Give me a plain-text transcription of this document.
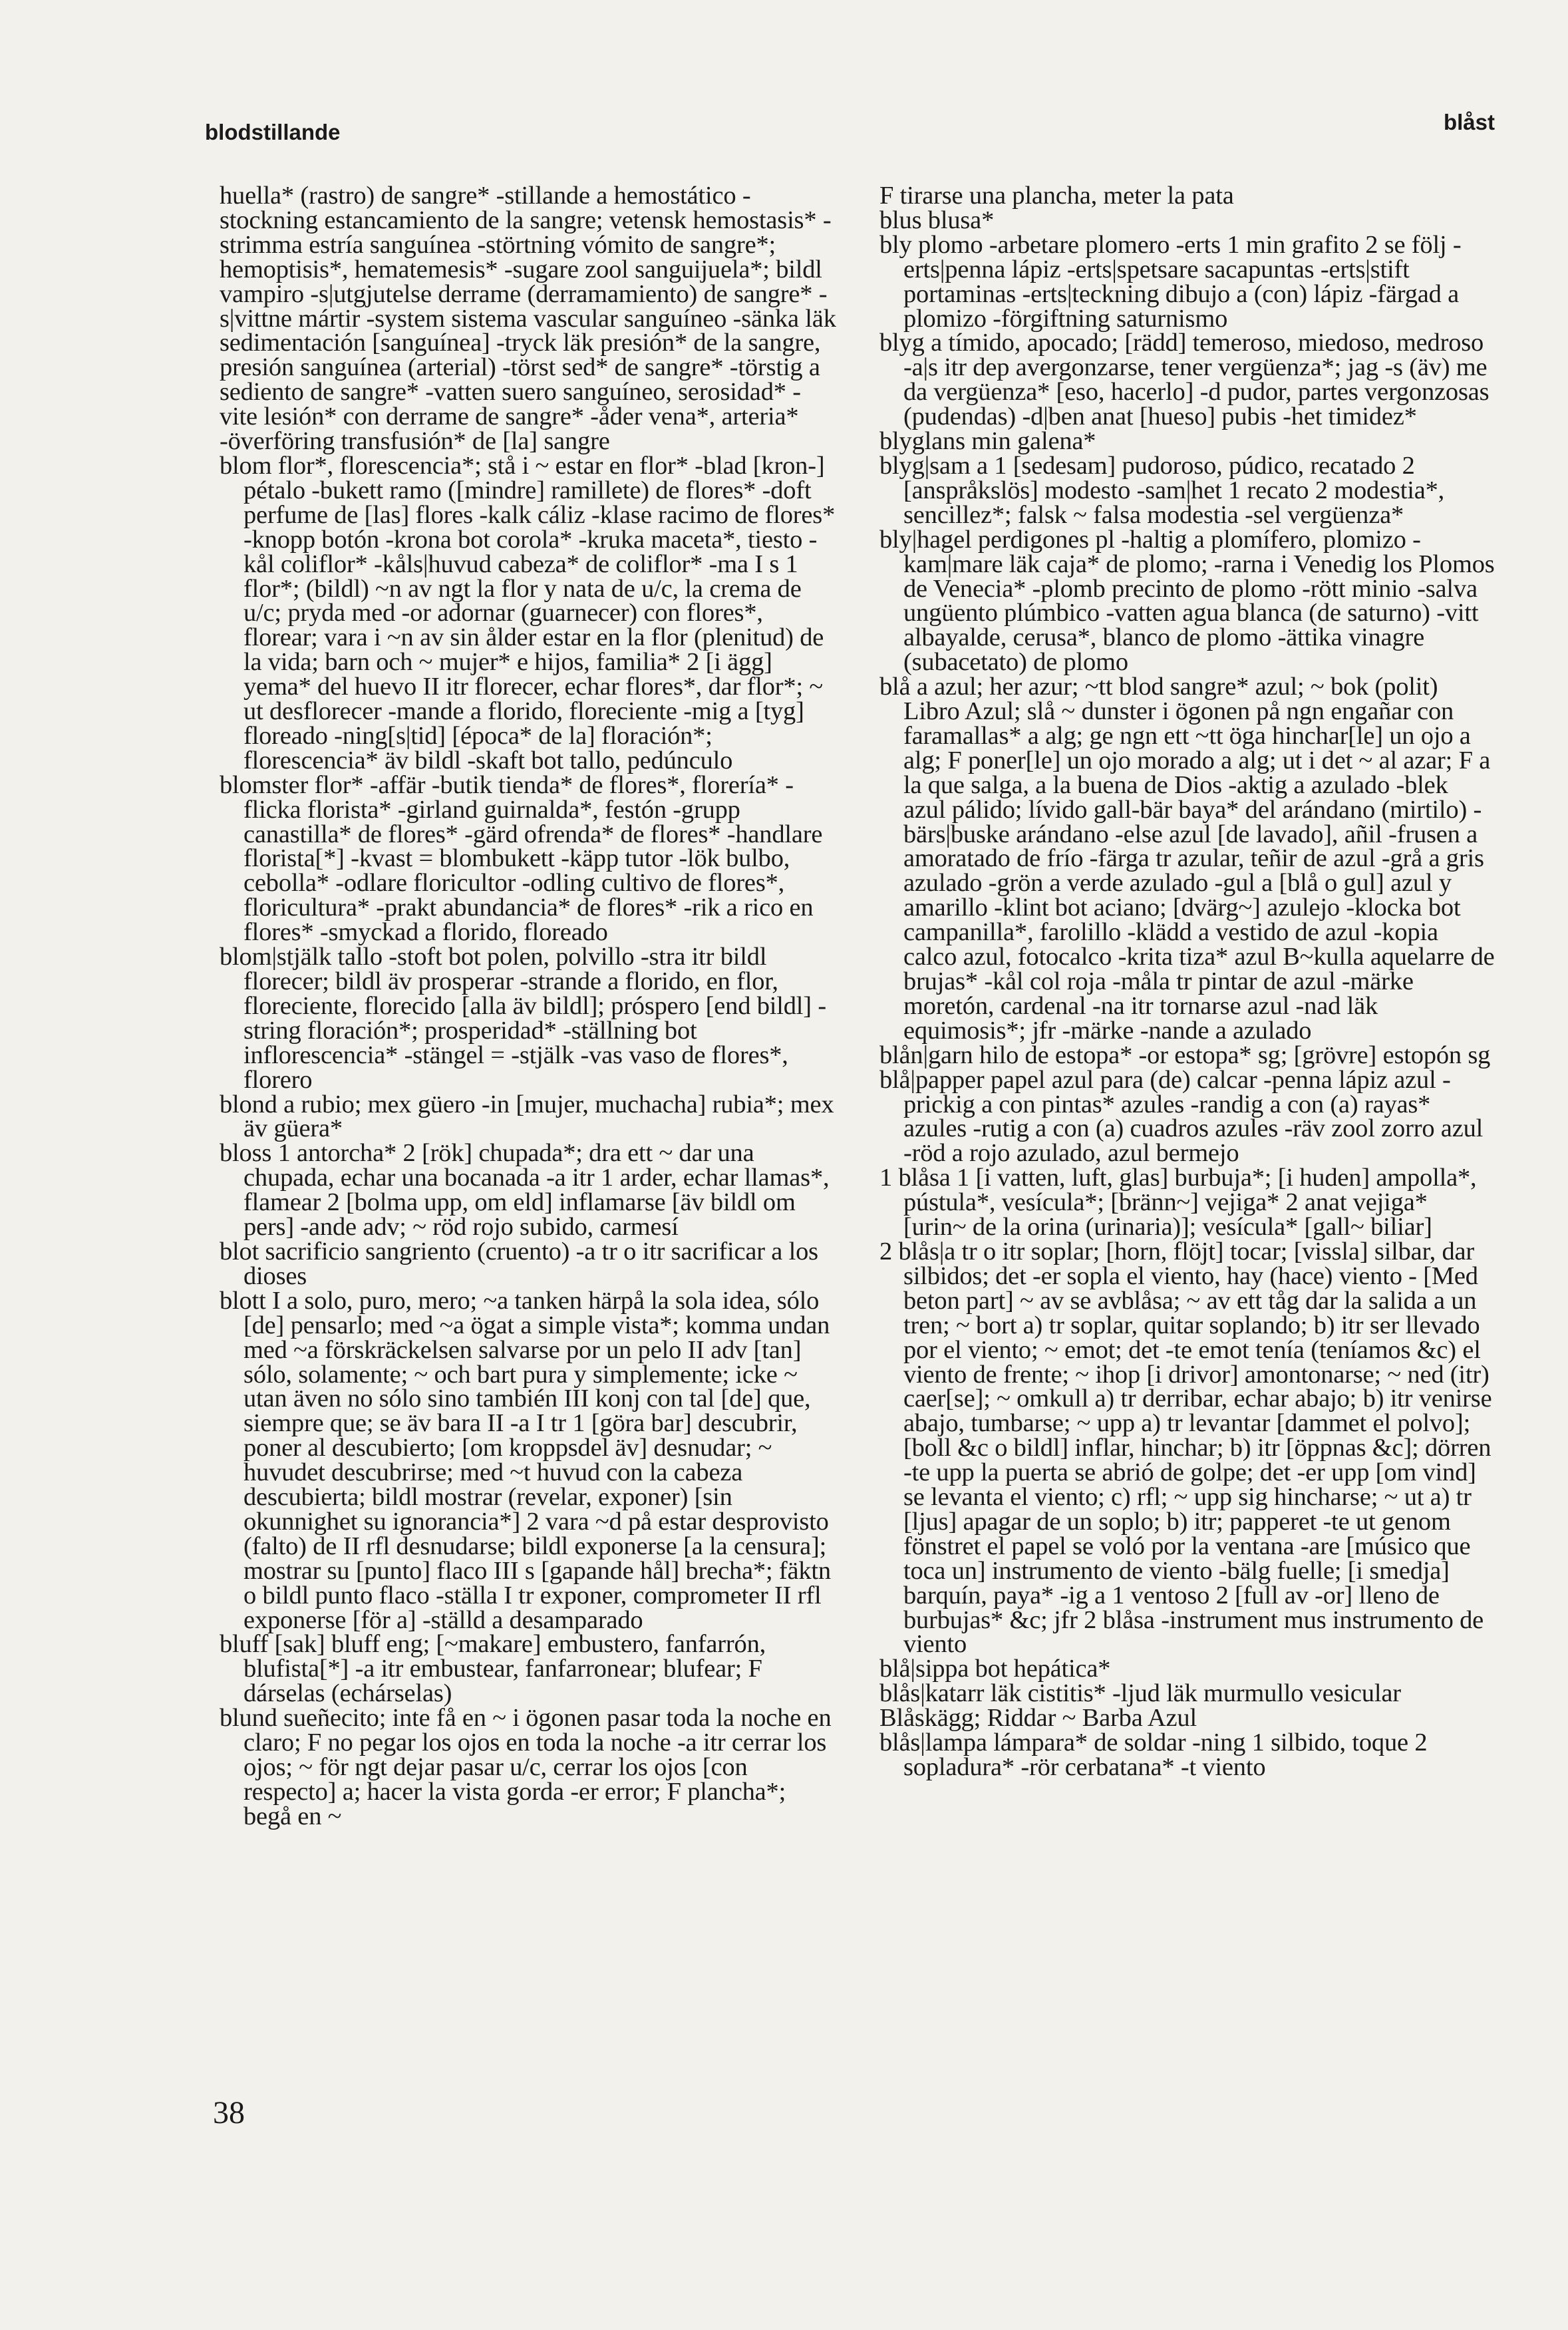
blodstillande	blåst

huella* (rastro) de sangre* -stillande a hemostático -stockning estancamiento de la sangre; vetensk hemostasis* -strimma estría sanguínea -störtning vómito de sangre*; hemoptisis*, hematemesis* -sugare zool sanguijuela*; bildl vampiro -s|utgjutelse derrame (derramamiento) de sangre* -s|vittne mártir -system sistema vascular sanguíneo -sänka läk sedimentación [sanguínea] -tryck läk presión* de la sangre, presión sanguínea (arterial) -törst sed* de sangre* -törstig a sediento de sangre* -vatten suero sanguíneo, serosidad* -vite lesión* con derrame de sangre* -åder vena*, arteria* -överföring transfusión* de [la] sangre

blom flor*, florescencia*; stå i ~ estar en flor* -blad [kron-] pétalo -bukett ramo ([mindre] ramillete) de flores* -doft perfume de [las] flores -kalk cáliz -klase racimo de flores* -knopp botón -krona bot corola* -kruka maceta*, tiesto -kål coliflor* -kåls|huvud cabeza* de coliflor* -ma I s 1 flor*; (bildl) ~n av ngt la flor y nata de u/c, la crema de u/c; pryda med -or adornar (guarnecer) con flores*, florear; vara i ~n av sin ålder estar en la flor (plenitud) de la vida; barn och ~ mujer* e hijos, familia* 2 [i ägg] yema* del huevo II itr florecer, echar flores*, dar flor*; ~ ut desflorecer -mande a florido, floreciente -mig a [tyg] floreado -ning[s|tid] [época* de la] floración*; florescencia* äv bildl -skaft bot tallo, pedúnculo

blomster flor* -affär -butik tienda* de flores*, florería* -flicka florista* -girland guirnalda*, festón -grupp canastilla* de flores* -gärd ofrenda* de flores* -handlare florista[*] -kvast = blombukett -käpp tutor -lök bulbo, cebolla* -odlare floricultor -odling cultivo de flores*, floricultura* -prakt abundancia* de flores* -rik a rico en flores* -smyckad a florido, floreado

blom|stjälk tallo -stoft bot polen, polvillo -stra itr bildl florecer; bildl äv prosperar -strande a florido, en flor, floreciente, florecido [alla äv bildl]; próspero [end bildl] -string floración*; prosperidad* -ställning bot inflorescencia* -stängel = -stjälk -vas vaso de flores*, florero

blond a rubio; mex güero -in [mujer, muchacha] rubia*; mex äv güera*

bloss 1 antorcha* 2 [rök] chupada*; dra ett ~ dar una chupada, echar una bocanada -a itr 1 arder, echar llamas*, flamear 2 [bolma upp, om eld] inflamarse [äv bildl om pers] -ande adv; ~ röd rojo subido, carmesí

blot sacrificio sangriento (cruento) -a tr o itr sacrificar a los dioses

blott I a solo, puro, mero; ~a tanken härpå la sola idea, sólo [de] pensarlo; med ~a ögat a simple vista*; komma undan med ~a förskräckelsen salvarse por un pelo II adv [tan] sólo, solamente; ~ och bart pura y simplemente; icke ~ utan även no sólo sino también III konj con tal [de] que, siempre que; se äv bara II -a I tr 1 [göra bar] descubrir, poner al descubierto; [om kroppsdel äv] desnudar; ~ huvudet descubrirse; med ~t huvud con la cabeza descubierta; bildl mostrar (revelar, exponer) [sin okunnighet su ignorancia*] 2 vara ~d på estar desprovisto (falto) de II rfl desnudarse; bildl exponerse [a la censura]; mostrar su [punto] flaco III s [gapande hål] brecha*; fäktn o bildl punto flaco -ställa I tr exponer, comprometer II rfl exponerse [för a] -ställd a desamparado

bluff [sak] bluff eng; [~makare] embustero, fanfarrón, blufista[*] -a itr embustear, fanfarronear; blufear; F dárselas (echárselas)

blund sueñecito; inte få en ~ i ögonen pasar toda la noche en claro; F no pegar los ojos en toda la noche -a itr cerrar los ojos; ~ för ngt dejar pasar u/c, cerrar los ojos [con respecto] a; hacer la vista gorda -er error; F plancha*; begå en ~

F tirarse una plancha, meter la pata

blus blusa*

bly plomo -arbetare plomero -erts 1 min grafito 2 se följ -erts|penna lápiz -erts|spetsare sacapuntas -erts|stift portaminas -erts|teckning dibujo a (con) lápiz -färgad a plomizo -förgiftning saturnismo

blyg a tímido, apocado; [rädd] temeroso, miedoso, medroso -a|s itr dep avergonzarse, tener vergüenza*; jag -s (äv) me da vergüenza* [eso, hacerlo] -d pudor, partes vergonzosas (pudendas) -d|ben anat [hueso] pubis -het timidez*

blyglans min galena*

blyg|sam a 1 [sedesam] pudoroso, púdico, recatado 2 [anspråkslös] modesto -sam|het 1 recato 2 modestia*, sencillez*; falsk ~ falsa modestia -sel vergüenza*

bly|hagel perdigones pl -haltig a plomífero, plomizo -kam|mare läk caja* de plomo; -rarna i Venedig los Plomos de Venecia* -plomb precinto de plomo -rött minio -salva ungüento plúmbico -vatten agua blanca (de saturno) -vitt albayalde, cerusa*, blanco de plomo -ättika vinagre (subacetato) de plomo

blå a azul; her azur; ~tt blod sangre* azul; ~ bok (polit) Libro Azul; slå ~ dunster i ögonen på ngn engañar con faramallas* a alg; ge ngn ett ~tt öga hinchar[le] un ojo a alg; F poner[le] un ojo morado a alg; ut i det ~ al azar; F a la que salga, a la buena de Dios -aktig a azulado -blek azul pálido; lívido gall-bär baya* del arándano (mirtilo) -bärs|buske arándano -else azul [de lavado], añil -frusen a amoratado de frío -färga tr azular, teñir de azul -grå a gris azulado -grön a verde azulado -gul a [blå o gul] azul y amarillo -klint bot aciano; [dvärg~] azulejo -klocka bot campanilla*, farolillo -klädd a vestido de azul -kopia calco azul, fotocalco -krita tiza* azul B~kulla aquelarre de brujas* -kål col roja -måla tr pintar de azul -märke moretón, cardenal -na itr tornarse azul -nad läk equimosis*; jfr -märke -nande a azulado

blån|garn hilo de estopa* -or estopa* sg; [grövre] estopón sg

blå|papper papel azul para (de) calcar -penna lápiz azul -prickig a con pintas* azules -randig a con (a) rayas* azules -rutig a con (a) cuadros azules -räv zool zorro azul -röd a rojo azulado, azul bermejo

1 blåsa 1 [i vatten, luft, glas] burbuja*; [i huden] ampolla*, pústula*, vesícula*; [bränn~] vejiga* 2 anat vejiga* [urin~ de la orina (urinaria)]; vesícula* [gall~ biliar]

2 blås|a tr o itr soplar; [horn, flöjt] tocar; [vissla] silbar, dar silbidos; det -er sopla el viento, hay (hace) viento - [Med beton part] ~ av se avblåsa; ~ av ett tåg dar la salida a un tren; ~ bort a) tr soplar, quitar soplando; b) itr ser llevado por el viento; ~ emot; det -te emot tenía (teníamos &c) el viento de frente; ~ ihop [i drivor] amontonarse; ~ ned (itr) caer[se]; ~ omkull a) tr derribar, echar abajo; b) itr venirse abajo, tumbarse; ~ upp a) tr levantar [dammet el polvo]; [boll &c o bildl] inflar, hinchar; b) itr [öppnas &c]; dörren -te upp la puerta se abrió de golpe; det -er upp [om vind] se levanta el viento; c) rfl; ~ upp sig hincharse; ~ ut a) tr [ljus] apagar de un soplo; b) itr; papperet -te ut genom fönstret el papel se voló por la ventana -are [músico que toca un] instrumento de viento -bälg fuelle; [i smedja] barquín, paya* -ig a 1 ventoso 2 [full av -or] lleno de burbujas* &c; jfr 2 blåsa -instrument mus instrumento de viento

blå|sippa bot hepática*

blås|katarr läk cistitis* -ljud läk murmullo vesicular

Blåskägg; Riddar ~ Barba Azul

blås|lampa lámpara* de soldar -ning 1 silbido, toque 2 sopladura* -rör cerbatana* -t viento

38
